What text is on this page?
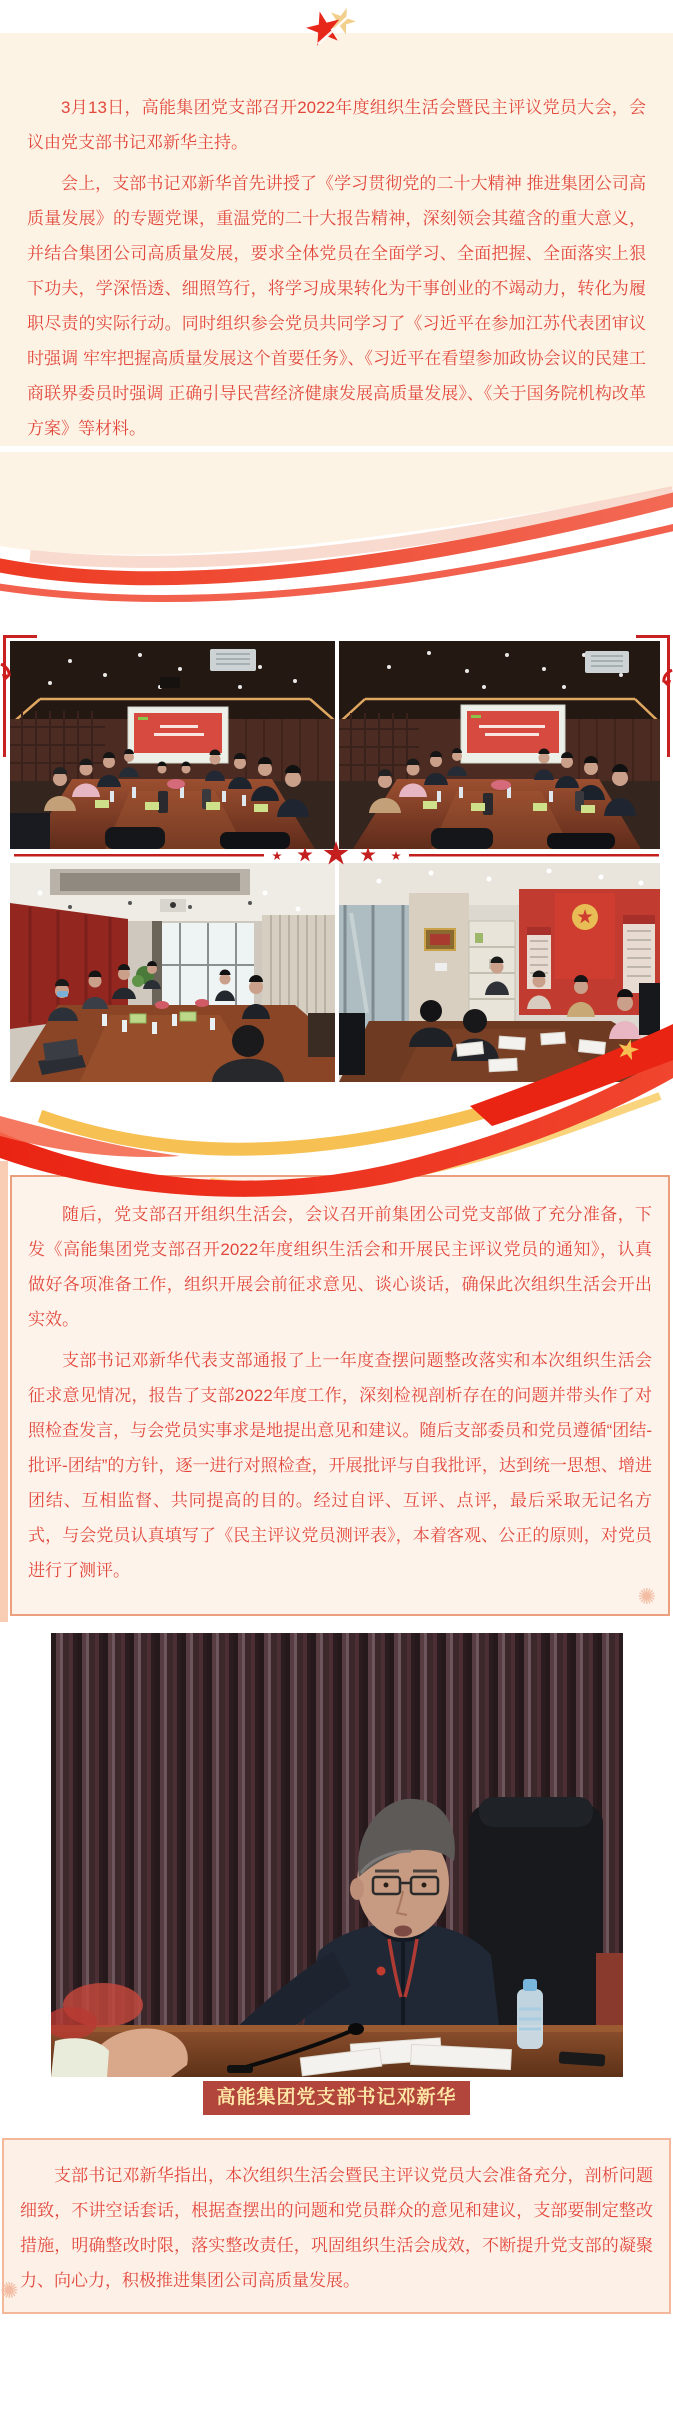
3月13日，高能集团党支部召开2022年度组织生活会暨民主评议党员大会，会议由党支部书记邓新华主持。

会上，支部书记邓新华首先讲授了《学习贯彻党的二十大精神 推进集团公司高质量发展》的专题党课，重温党的二十大报告精神，深刻领会其蕴含的重大意义，并结合集团公司高质量发展，要求全体党员在全面学习、全面把握、全面落实上狠下功夫，学深悟透、细照笃行，将学习成果转化为干事创业的不竭动力，转化为履职尽责的实际行动。同时组织参会党员共同学习了《习近平在参加江苏代表团审议时强调 牢牢把握高质量发展这个首要任务》、《习近平在看望参加政协会议的民建工商联界委员时强调 正确引导民营经济健康发展高质量发展》、《关于国务院机构改革方案》等材料。

随后，党支部召开组织生活会，会议召开前集团公司党支部做了充分准备，下发《高能集团党支部召开2022年度组织生活会和开展民主评议党员的通知》，认真做好各项准备工作，组织开展会前征求意见、谈心谈话，确保此次组织生活会开出实效。

支部书记邓新华代表支部通报了上一年度查摆问题整改落实和本次组织生活会征求意见情况，报告了支部2022年度工作，深刻检视剖析存在的问题并带头作了对照检查发言，与会党员实事求是地提出意见和建议。随后支部委员和党员遵循“团结-批评-团结”的方针，逐一进行对照检查，开展批评与自我批评，达到统一思想、增进团结、互相监督、共同提高的目的。经过自评、互评、点评，最后采取无记名方式，与会党员认真填写了《民主评议党员测评表》，本着客观、公正的原则，对党员进行了测评。

✺
高能集团党支部书记邓新华

支部书记邓新华指出，本次组织生活会暨民主评议党员大会准备充分，剖析问题细致，不讲空话套话，根据查摆出的问题和党员群众的意见和建议，支部要制定整改措施，明确整改时限，落实整改责任，巩固组织生活会成效，不断提升党支部的凝聚力、向心力，积极推进集团公司高质量发展。

✺
